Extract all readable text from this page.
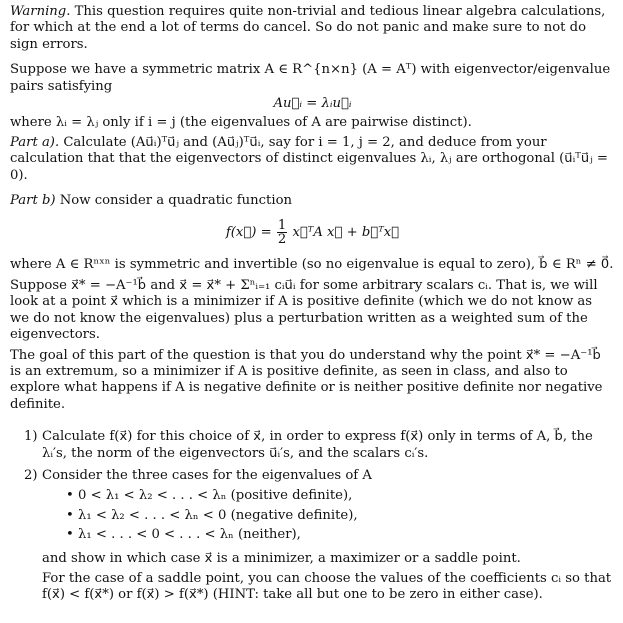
Warning. This question requires quite non-trivial and tedious linear algebra calculations, for which at the end a lot of terms do cancel. So do not panic and make sure to not do sign errors.

Suppose we have a symmetric matrix A ∈ R^{n×n} (A = Aᵀ) with eigenvector/eigenvalue pairs satisfying

Au⃗ᵢ = λᵢu⃗ᵢ

where λᵢ = λⱼ only if i = j (the eigenvalues of A are pairwise distinct).

Part a). Calculate (Au⃗ᵢ)ᵀu⃗ⱼ and (Au⃗ⱼ)ᵀu⃗ᵢ, say for i = 1, j = 2, and deduce from your calculation that that the eigenvectors of distinct eigenvalues λᵢ, λⱼ are orthogonal (u⃗ᵢᵀu⃗ⱼ = 0).

Part b) Now consider a quadratic function

f(x⃗) = $\frac{1}{2}$ x⃗ᵀA x⃗ + b⃗ᵀx⃗

where A ∈ Rⁿˣⁿ is symmetric and invertible (so no eigenvalue is equal to zero), b⃗ ∈ Rⁿ ≠ 0⃗.

Suppose x⃗* = −A⁻¹b⃗ and x⃗ = x⃗* + Σⁿᵢ₌₁ cᵢu⃗ᵢ for some arbitrary scalars cᵢ. That is, we will look at a point x⃗ which is a minimizer if A is positive definite (which we do not know as we do not know the eigenvalues) plus a perturbation written as a weighted sum of the eigenvectors.

The goal of this part of the question is that you do understand why the point x⃗* = −A⁻¹b⃗ is an extremum, so a minimizer if A is positive definite, as seen in class, and also to explore what happens if A is negative definite or is neither positive definite nor negative definite.

1) Calculate f(x⃗) for this choice of x⃗, in order to express f(x⃗) only in terms of A, b⃗, the λᵢ′s, the norm of the eigenvectors u⃗ᵢ′s, and the scalars cᵢ′s.
2) Consider the three cases for the eigenvalues of A
• 0 < λ₁ < λ₂ < . . . < λₙ (positive definite),
• λ₁ < λ₂ < . . . < λₙ < 0 (negative definite),
• λ₁ < . . . < 0 < . . . < λₙ (neither),

and show in which case x⃗ is a minimizer, a maximizer or a saddle point.

For the case of a saddle point, you can choose the values of the coefficients cᵢ so that f(x⃗) < f(x⃗*) or f(x⃗) > f(x⃗*) (HINT: take all but one to be zero in either case).
